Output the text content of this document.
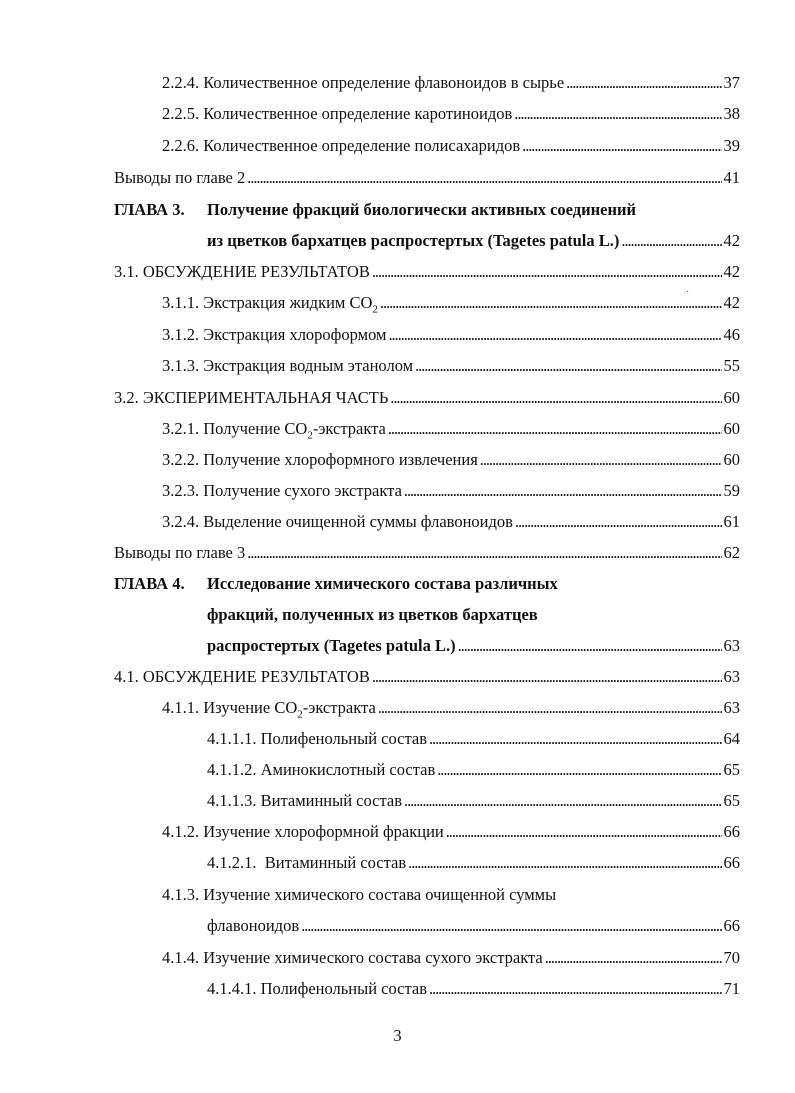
2.2.4. Количественное определение флавоноидов в сырье . . .	37
2.2.5. Количественное определение каротиноидов . . .	38
2.2.6. Количественное определение полисахаридов . . .	39
Выводы по главе 2 . . .	41
ГЛАВА 3. Получение фракций биологически активных соединений
из цветков бархатцев распростертых (Tagetes patula L.) . . .	42
3.1. ОБСУЖДЕНИЕ РЕЗУЛЬТАТОВ . . .	42
3.1.1. Экстракция жидким $CO_2$ . . .	42
˙
3.1.2. Экстракция хлороформом . . .	46
3.1.3. Экстракция водным этанолом . . .	55
3.2. ЭКСПЕРИМЕНТАЛЬНАЯ ЧАСТЬ . . .	60
3.2.1. Получение $CO_2$-экстракта . . .	60
3.2.2. Получение хлороформного извлечения . . .	60
3.2.3. Получение сухого экстракта . . .	59
3.2.4. Выделение очищенной суммы флавоноидов . . .	61
Выводы по главе 3 . . .	62
ГЛАВА 4. Исследование химического состава различных
фракций, полученных из цветков бархатцев
распростертых (Tagetes patula L.) . . .	63
4.1. ОБСУЖДЕНИЕ РЕЗУЛЬТАТОВ . . .	63
4.1.1. Изучение $CO_2$-экстракта . . .	63
4.1.1.1. Полифенольный состав . . .	64
4.1.1.2. Аминокислотный состав . . .	65
4.1.1.3. Витаминный состав . . .	65
4.1.2. Изучение хлороформной фракции . . .	66
4.1.2.1.  Витаминный состав . . .	66
4.1.3. Изучение химического состава очищенной суммы
флавоноидов . . .	66
4.1.4. Изучение химического состава сухого экстракта . . .	70
4.1.4.1. Полифенольный состав . . .	71
3
